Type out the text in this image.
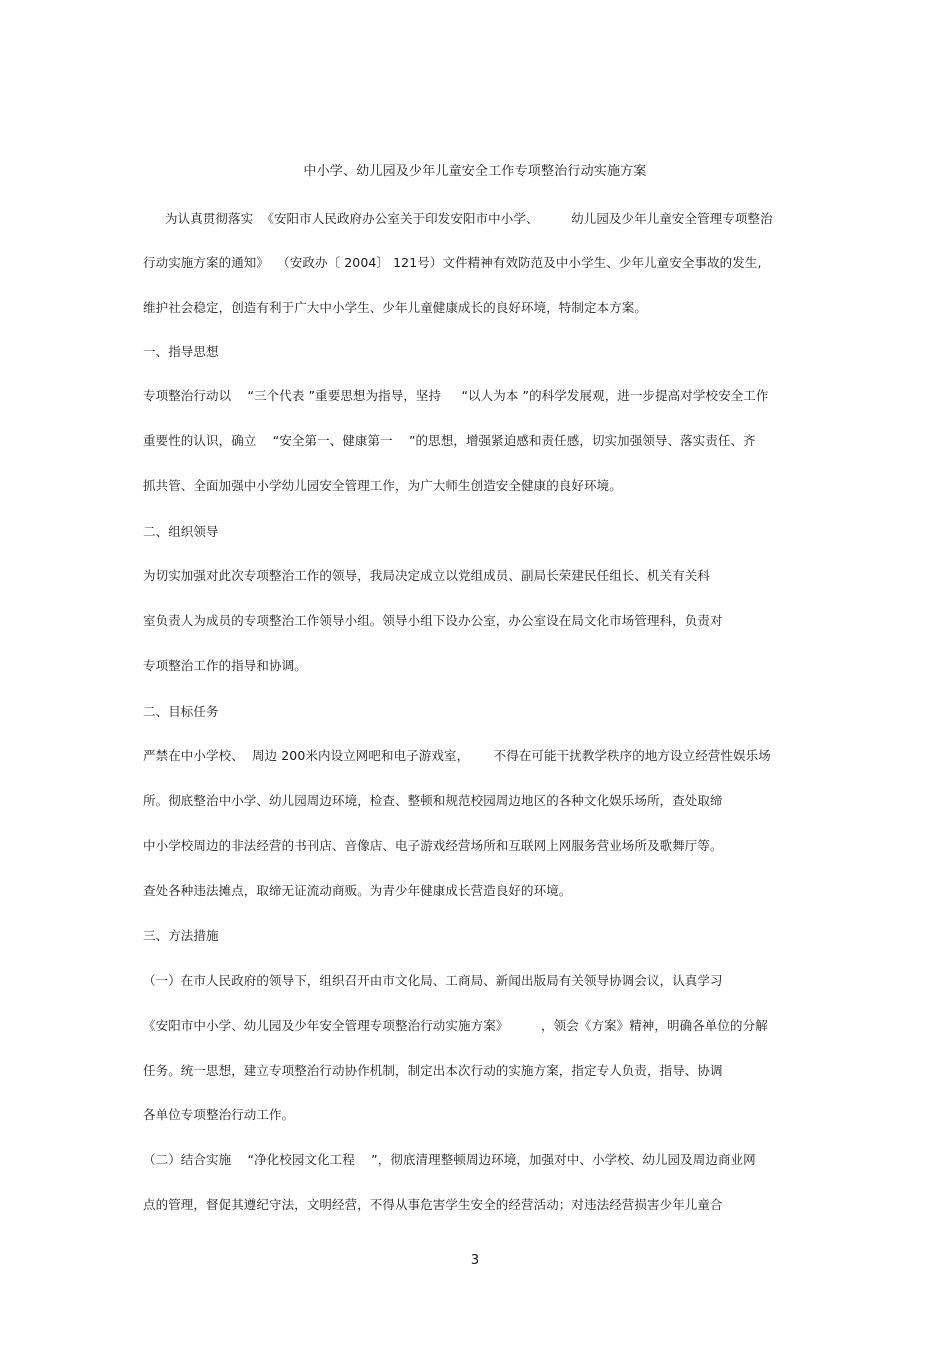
中小学、幼儿园及少年儿童安全工作专项整治行动实施方案
为认真贯彻落实  《安阳市人民政府办公室关于印发安阳市中小学、        幼儿园及少年儿童安全管理专项整治
行动实施方案的通知》  （安政办〔 2004〕 121号）文件精神有效防范及中小学生、少年儿童安全事故的发生,
维护社会稳定，创造有利于广大中小学生、少年儿童健康成长的良好环境，特制定本方案。
一、指导思想
专项整治行动以    “三个代表 ”重要思想为指导，坚持     “以人为本 ”的科学发展观，进一步提高对学校安全工作
重要性的认识，确立    “安全第一、健康第一    ”的思想，增强紧迫感和责任感，切实加强领导、落实责任、齐
抓共管、全面加强中小学幼儿园安全管理工作，为广大师生创造安全健康的良好环境。
二、组织领导
为切实加强对此次专项整治工作的领导，我局决定成立以党组成员、副局长荣建民任组长、机关有关科
室负责人为成员的专项整治工作领导小组。领导小组下设办公室，办公室设在局文化市场管理科，负责对
专项整治工作的指导和协调。
二、目标任务
严禁在中小学校、  周边 200米内设立网吧和电子游戏室，      不得在可能干扰教学秩序的地方设立经营性娱乐场
所。彻底整治中小学、幼儿园周边环境，检查、整顿和规范校园周边地区的各种文化娱乐场所，查处取缔
中小学校周边的非法经营的书刊店、音像店、电子游戏经营场所和互联网上网服务营业场所及歌舞厅等。
查处各种违法摊点，取缔无证流动商贩。为青少年健康成长营造良好的环境。
三、方法措施
（一）在市人民政府的领导下，组织召开由市文化局、工商局、新闻出版局有关领导协调会议，认真学习
《安阳市中小学、幼儿园及少年安全管理专项整治行动实施方案》        ，领会《方案》精神，明确各单位的分解
任务。统一思想，建立专项整治行动协作机制，制定出本次行动的实施方案，指定专人负责，指导、协调
各单位专项整治行动工作。
（二）结合实施    “净化校园文化工程    ”，彻底清理整顿周边环境，加强对中、小学校、幼儿园及周边商业网
点的管理，督促其遵纪守法，文明经营，不得从事危害学生安全的经营活动；对违法经营损害少年儿童合
3
